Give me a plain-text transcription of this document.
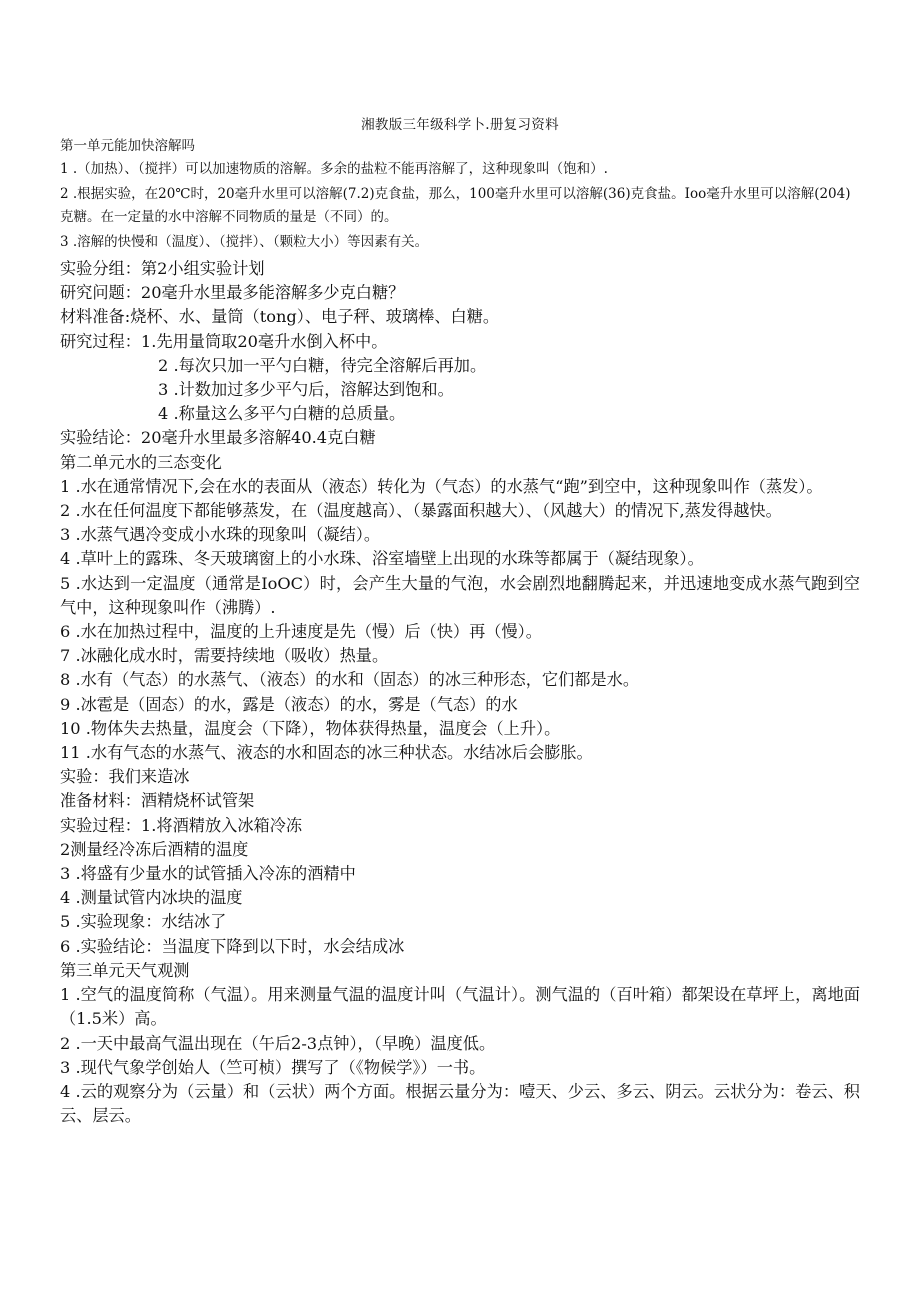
湘教版三年级科学卜.册复习资料

第一单元能加快溶解吗

1 .（加热）、（搅拌）可以加速物质的溶解。多余的盐粒不能再溶解了，这种现象叫（饱和）.

2 .根据实验，在20℃时，20毫升水里可以溶解(7.2)克食盐，那么，100毫升水里可以溶解(36)克食盐。Ioo毫升水里可以溶解(204)克糖。在一定量的水中溶解不同物质的量是（不同）的。

3 .溶解的快慢和（温度）、（搅拌）、（颗粒大小）等因素有关。

实验分组：第2小组实验计划

研究问题：20毫升水里最多能溶解多少克白糖？

材料准备:烧杯、水、量筒（tong）、电子秤、玻璃棒、白糖。

研究过程：1.先用量筒取20毫升水倒入杯中。

2 .每次只加一平勺白糖，待完全溶解后再加。

3 .计数加过多少平勺后，溶解达到饱和。

4 .称量这么多平勺白糖的总质量。

实验结论：20毫升水里最多溶解40.4克白糖

第二单元水的三态变化

1 .水在通常情况下,会在水的表面从（液态）转化为（气态）的水蒸气“跑”到空中，这种现象叫作（蒸发）。

2 .水在任何温度下都能够蒸发，在（温度越高）、（暴露面积越大）、（风越大）的情况下,蒸发得越快。

3 .水蒸气遇冷变成小水珠的现象叫（凝结）。

4 .草叶上的露珠、冬天玻璃窗上的小水珠、浴室墙壁上出现的水珠等都属于（凝结现象）。

5 .水达到一定温度（通常是IoOC）时，会产生大量的气泡，水会剧烈地翻腾起来，并迅速地变成水蒸气跑到空气中，这种现象叫作（沸腾）.

6 .水在加热过程中，温度的上升速度是先（慢）后（快）再（慢）。

7 .冰融化成水时，需要持续地（吸收）热量。

8 .水有（气态）的水蒸气、（液态）的水和（固态）的冰三种形态，它们都是水。

9 .冰雹是（固态）的水，露是（液态）的水，雾是（气态）的水

10 .物体失去热量，温度会（下降），物体获得热量，温度会（上升）。

11 .水有气态的水蒸气、液态的水和固态的冰三种状态。水结冰后会膨胀。

实验：我们来造冰

准备材料：酒精烧杯试管架

实验过程：1.将酒精放入冰箱冷冻

2测量经冷冻后酒精的温度

3 .将盛有少量水的试管插入冷冻的酒精中

4 .测量试管内冰块的温度

5 .实验现象：水结冰了

6 .实验结论：当温度下降到以下时，水会结成冰

第三单元天气观测

1 .空气的温度简称（气温）。用来测量气温的温度计叫（气温计）。测气温的（百叶箱）都架设在草坪上，离地面（1.5米）高。

2 .一天中最高气温出现在（午后2-3点钟），（早晚）温度低。

3 .现代气象学创始人（竺可桢）撰写了（《物候学》）一书。

4 .云的观察分为（云量）和（云状）两个方面。根据云量分为：噎天、少云、多云、阴云。云状分为：卷云、积云、层云。
